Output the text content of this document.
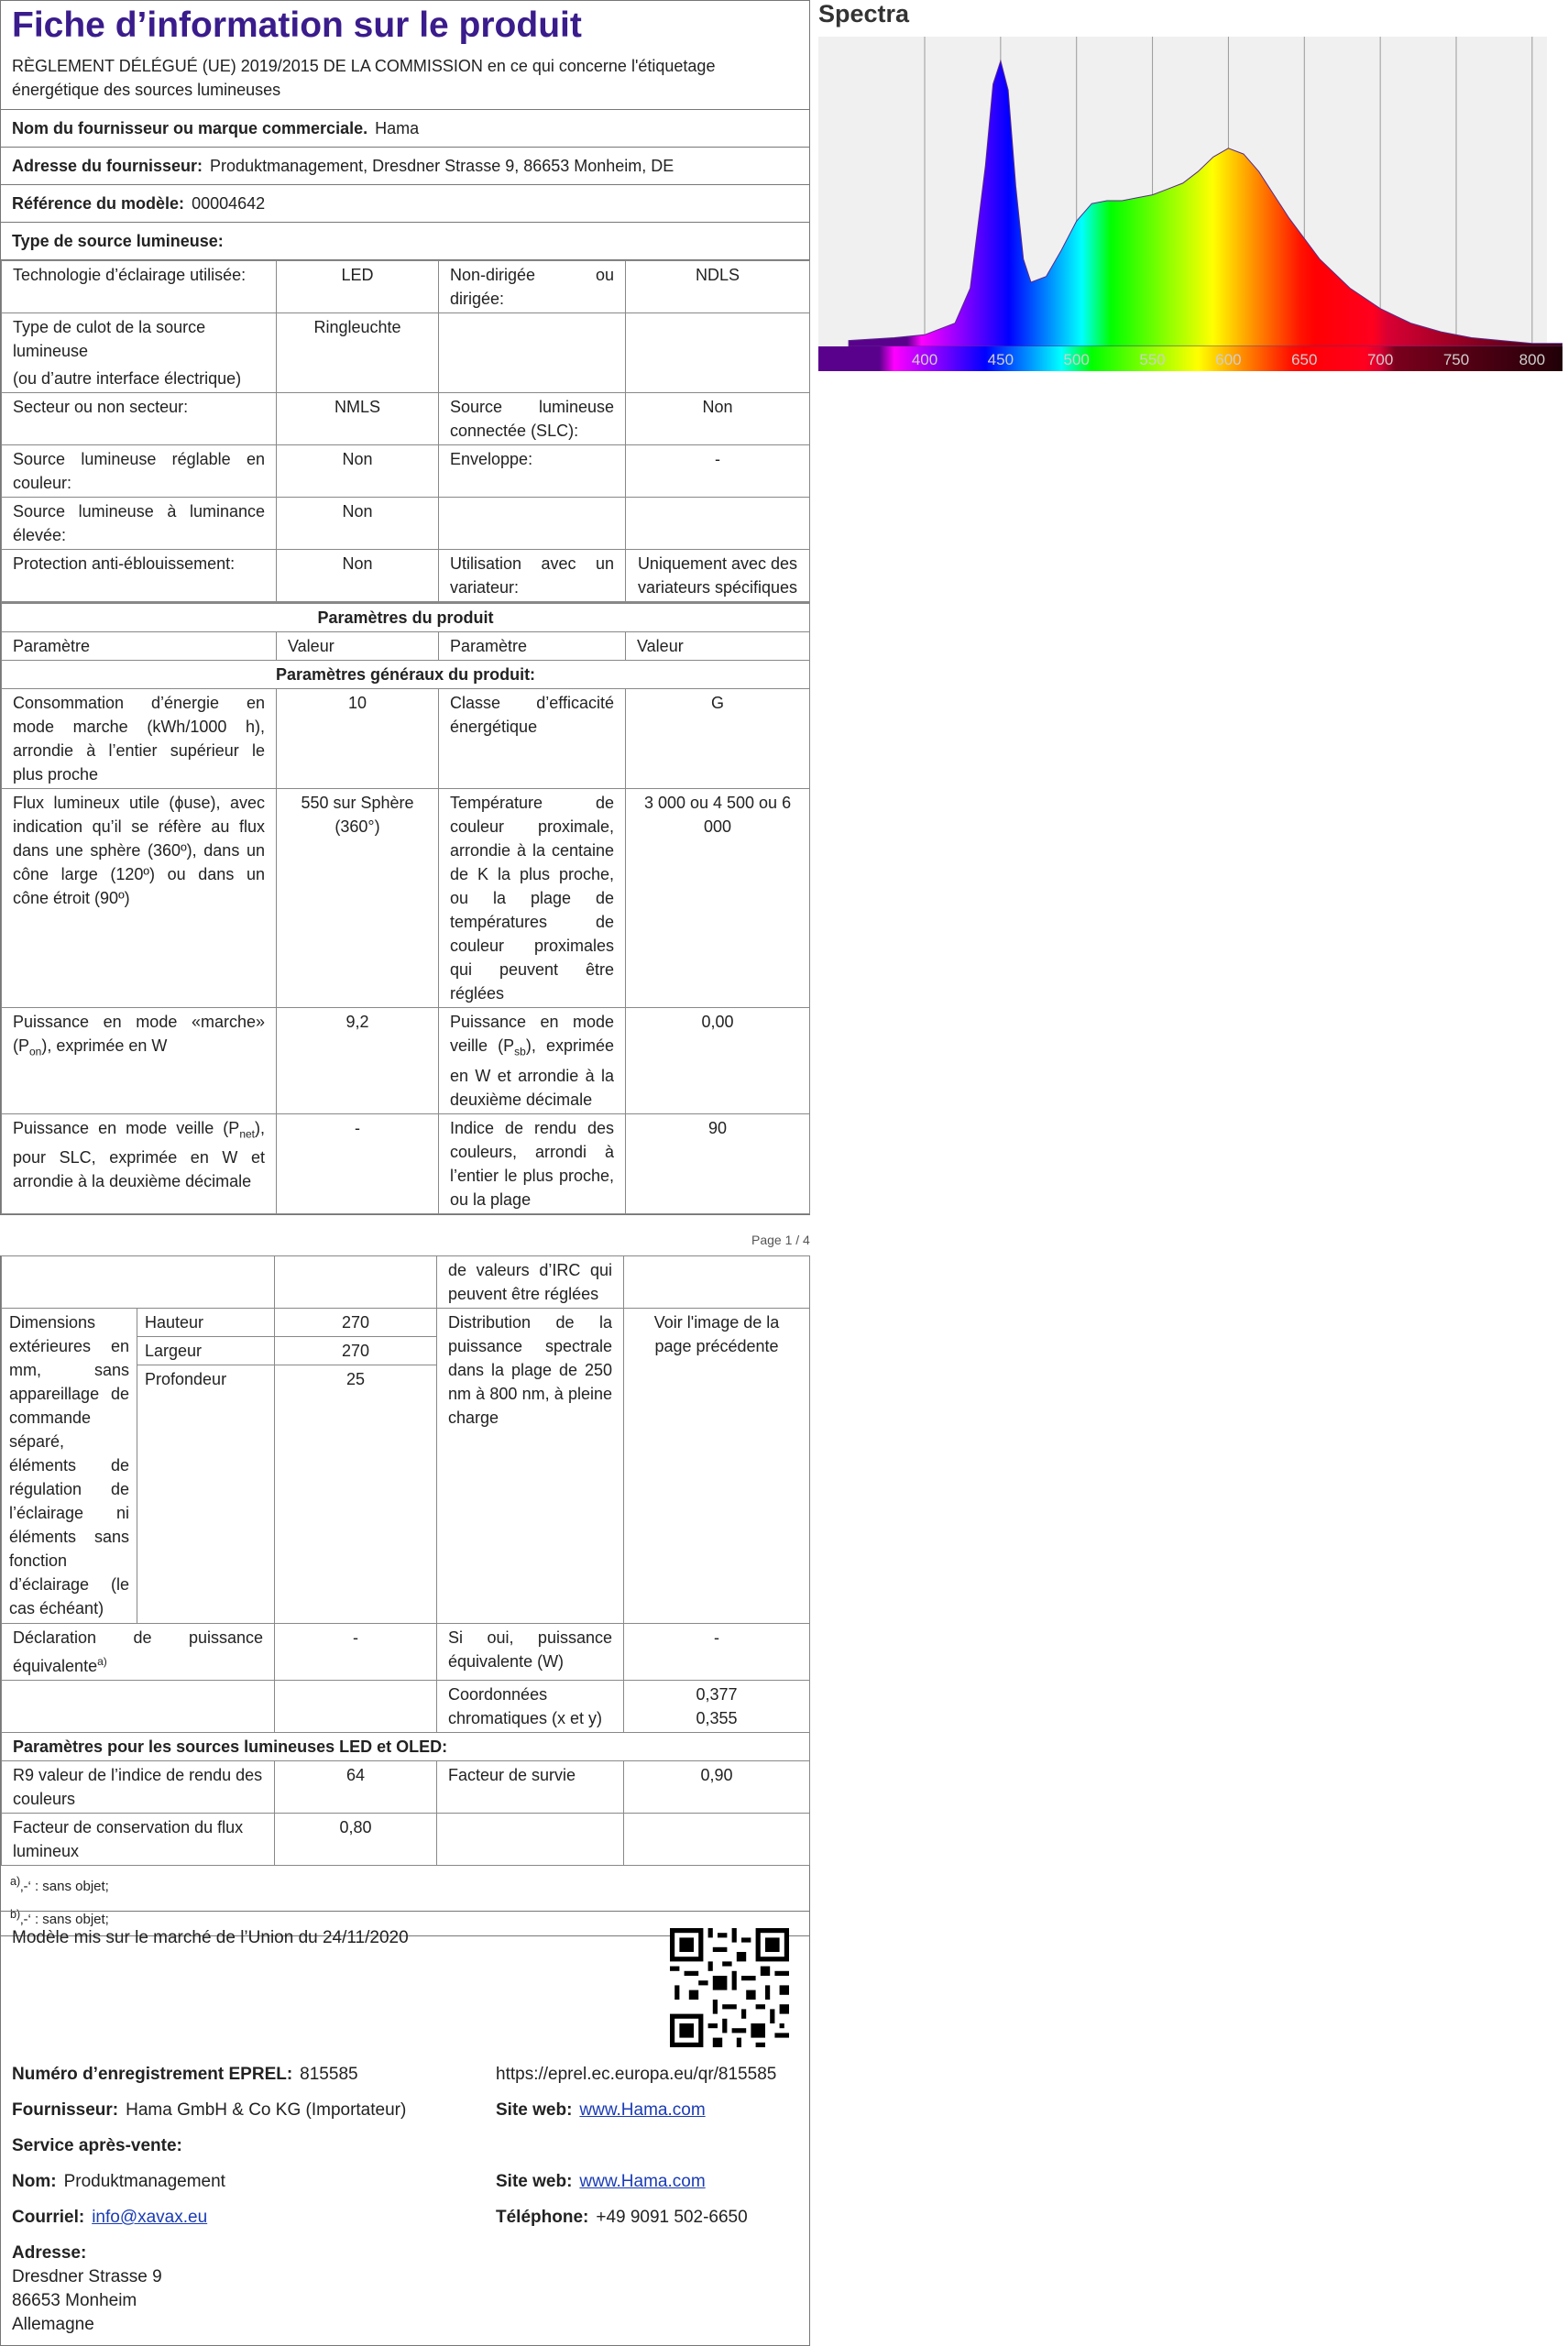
Fiche d’information sur le produit
RÈGLEMENT DÉLÉGUÉ (UE) 2019/2015 DE LA COMMISSION en ce qui concerne l'étiquetage énergétique des sources lumineuses
Nom du fournisseur ou marque commerciale. Hama
Adresse du fournisseur: Produktmanagement, Dresdner Strasse 9, 86653 Monheim, DE
Référence du modèle: 00004642
Type de source lumineuse:
Technologie d’éclairage utilisée:	LED	Non-dirigée ou dirigée:	NDLS

Type de culot de la source lumineuse
(ou d’autre interface électrique)	Ringleuchte		
Secteur ou non secteur:	NMLS	Source lumineuse connectée (SLC):	Non
Source lumineuse réglable en couleur:	Non	Enveloppe:	-
Source lumineuse à luminance élevée:	Non		
Protection anti-éblouissement:	Non	Utilisation avec un variateur:	Uniquement avec des variateurs spécifiques
Paramètres du produit			
Paramètre	Valeur	Paramètre	Valeur
Paramètres généraux du produit:			
Consommation d’énergie en mode marche (kWh/1000 h), arrondie à l’entier supérieur le plus proche	10	Classe d’efficacité énergétique	G
Flux lumineux utile (ϕuse), avec indication qu’il se réfère au flux dans une sphère (360º), dans un cône large (120º) ou dans un cône étroit (90º)	550 sur Sphère (360°)	Température de couleur proximale, arrondie à la centaine de K la plus proche, ou la plage de températures de couleur proximales qui peuvent être réglées	3 000 ou 4 500 ou 6 000
Puissance en mode «marche» $(P_{on})$, exprimée en W	9,2	Puissance en mode veille $(P_{sb})$, exprimée en W et arrondie à la deuxième décimale	0,00
Puissance en mode veille $(P_{net})$, pour SLC, exprimée en W et arrondie à la deuxième décimale	-	Indice de rendu des couleurs, arrondi à l’entier le plus proche, ou la plage	90
Page 1 / 4
			de valeurs d’IRC qui peuvent être réglées	
Dimensions extérieures en mm, sans appareillage de commande séparé, éléments de régulation de l’éclairage ni éléments sans fonction d’éclairage (le cas échéant)	Hauteur	270	Distribution de la puissance spectrale dans la plage de 250 nm à 800 nm, à pleine charge	Voir l'image de la page précédente
	Largeur	270		
	Profondeur	25		
Déclaration de puissance équivalente$^{a)}$		-	Si oui, puissance équivalente (W)	-
			Coordonnées chromatiques (x et y)	0,377
0,355

Paramètres pour les sources lumineuses LED et OLED:				
R9 valeur de l’indice de rendu des couleurs		64	Facteur de survie	0,90
Facteur de conservation du flux lumineux		0,80		
$^{a)}$‚-‘ : sans objet;
$^{b)}$‚-‘ : sans objet;
Modèle mis sur le marché de l’Union du 24/11/2020
Numéro d’enregistrement EPREL: 815585	https://eprel.ec.europa.eu/qr/815585
Fournisseur: Hama GmbH & Co KG (Importateur)	Site web: www.Hama.com
Service après-vente:
Nom: Produktmanagement	Site web: www.Hama.com
Courriel: info@xavax.eu	Téléphone: +49 9091 502-6650
Adresse:
Dresdner Strasse 9
86653 Monheim
Allemagne
Spectra
400	450	500	550	600	650	700	750	800
